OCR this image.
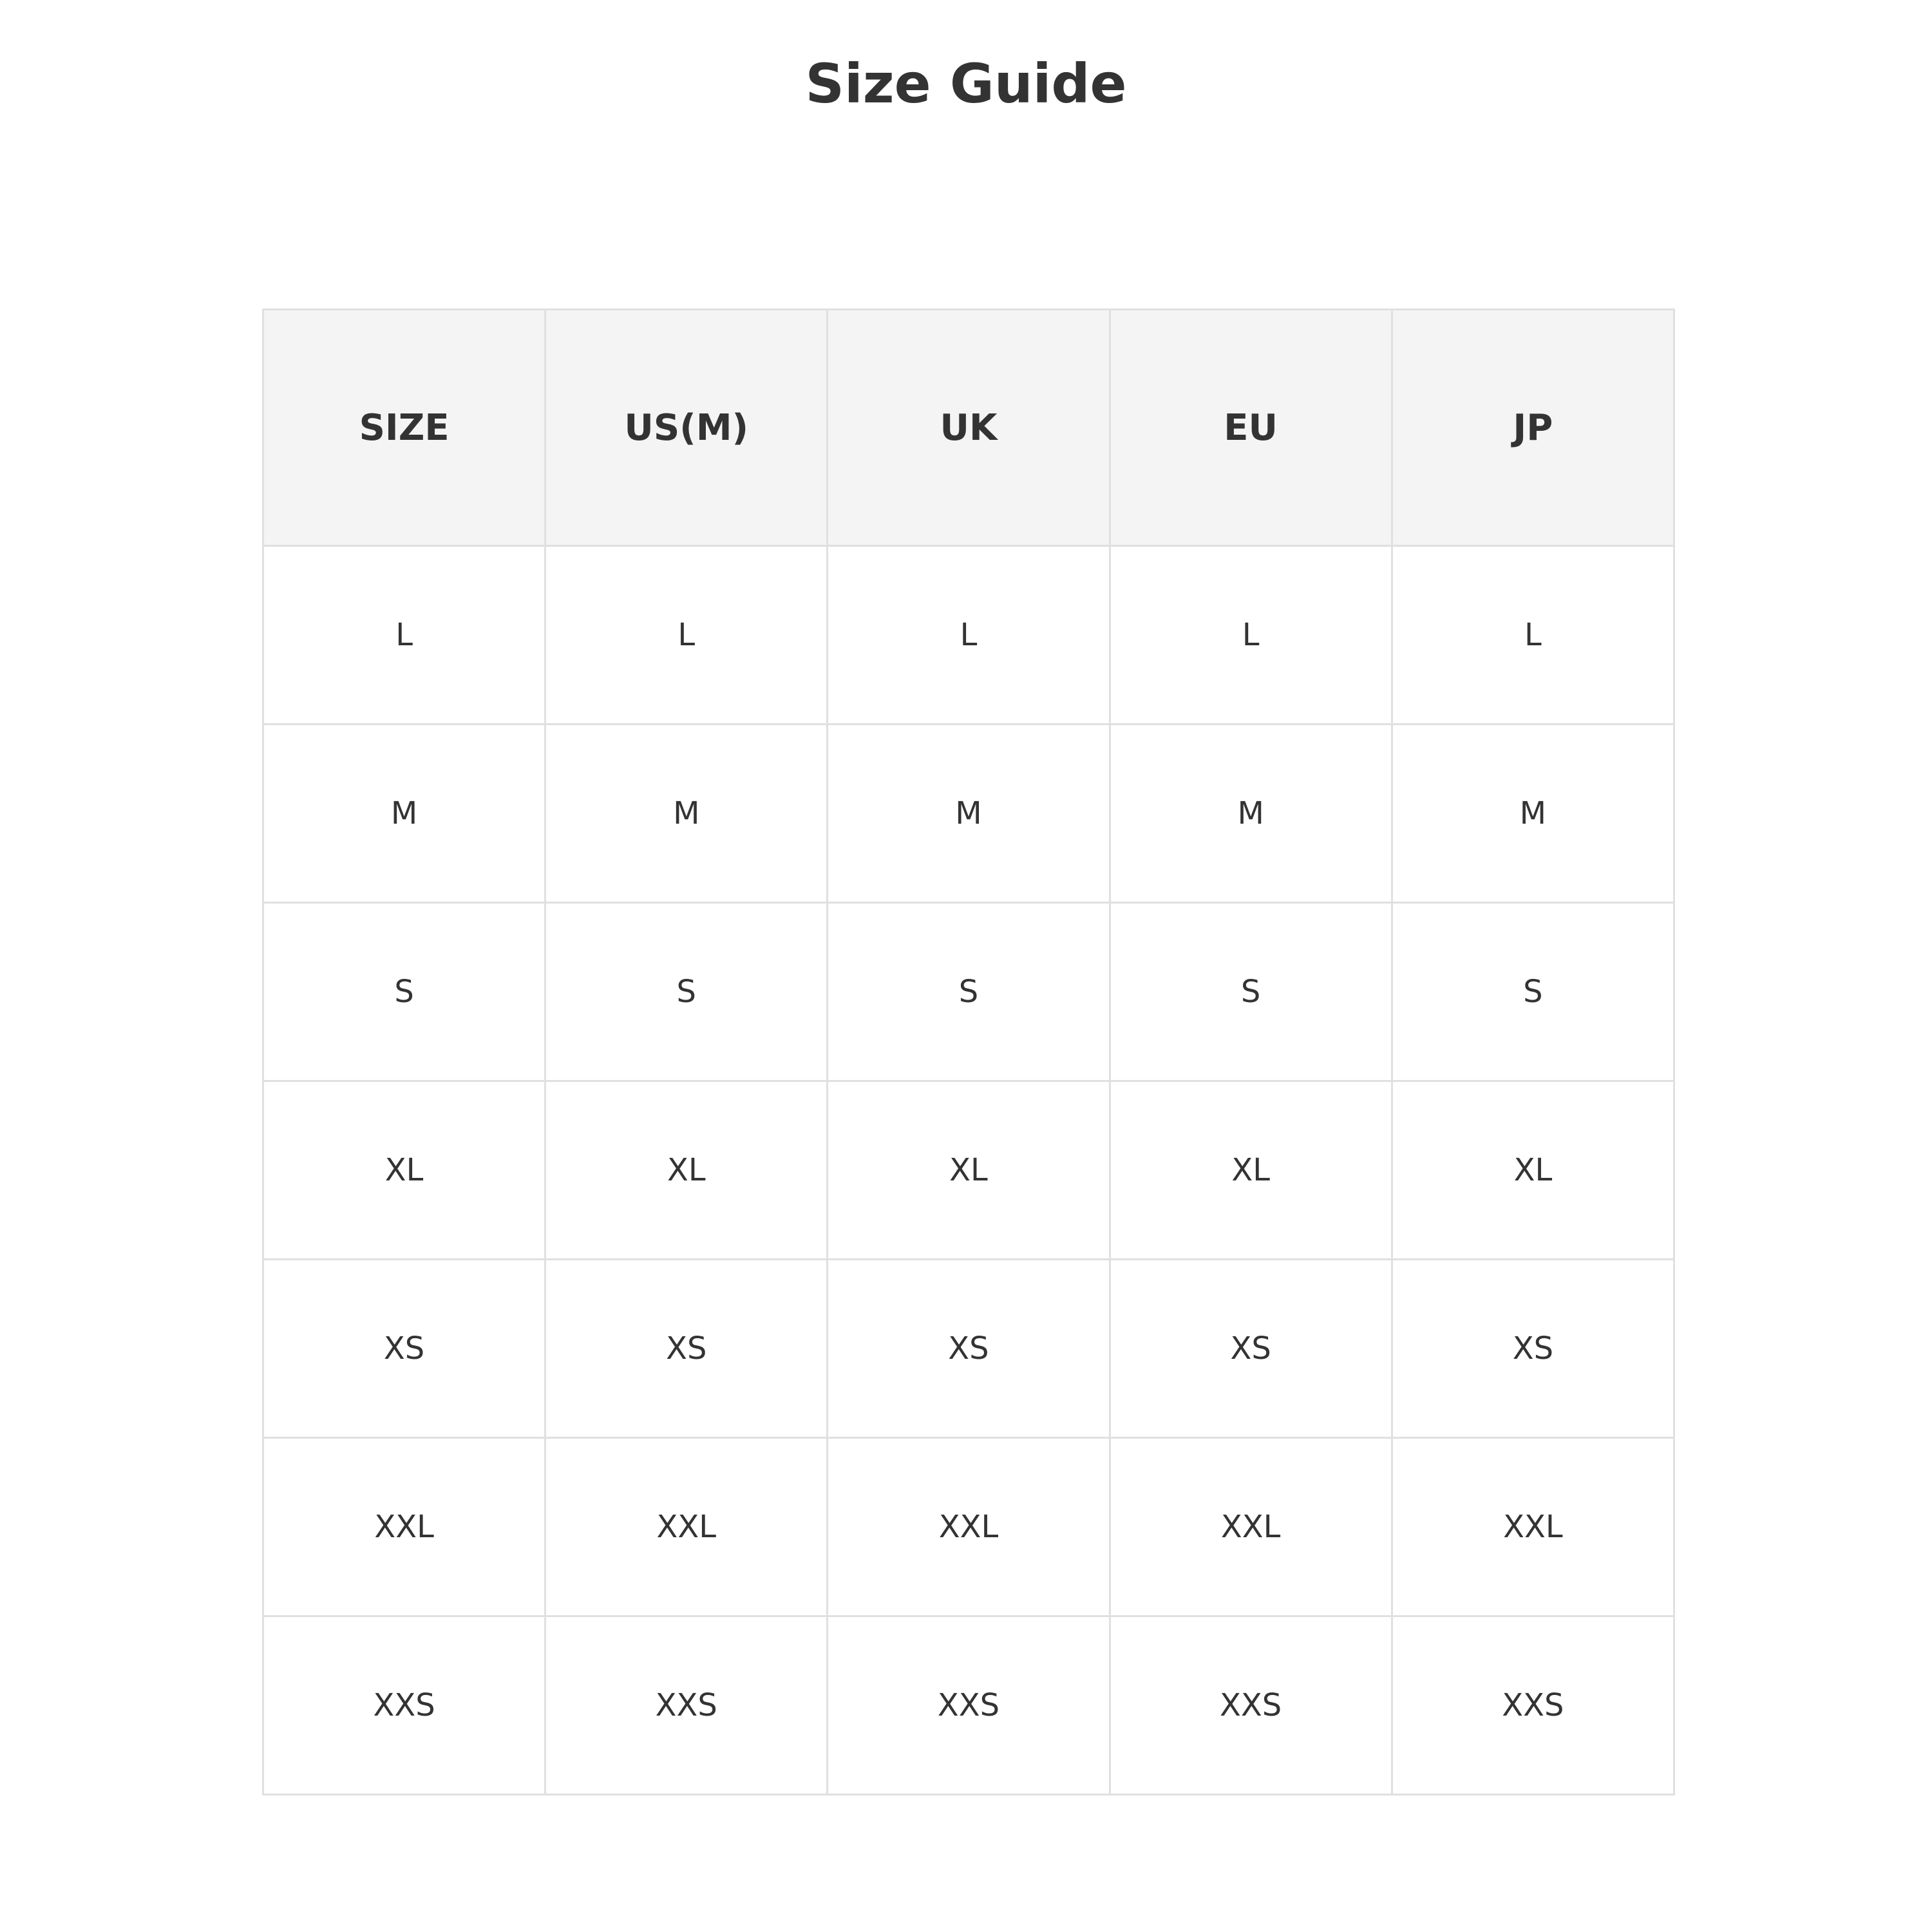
Size Guide
SIZE	US(M)	UK	EU	JP
L	L	L	L	L
M	M	M	M	M
S	S	S	S	S
XL	XL	XL	XL	XL
XS	XS	XS	XS	XS
XXL	XXL	XXL	XXL	XXL
XXS	XXS	XXS	XXS	XXS
